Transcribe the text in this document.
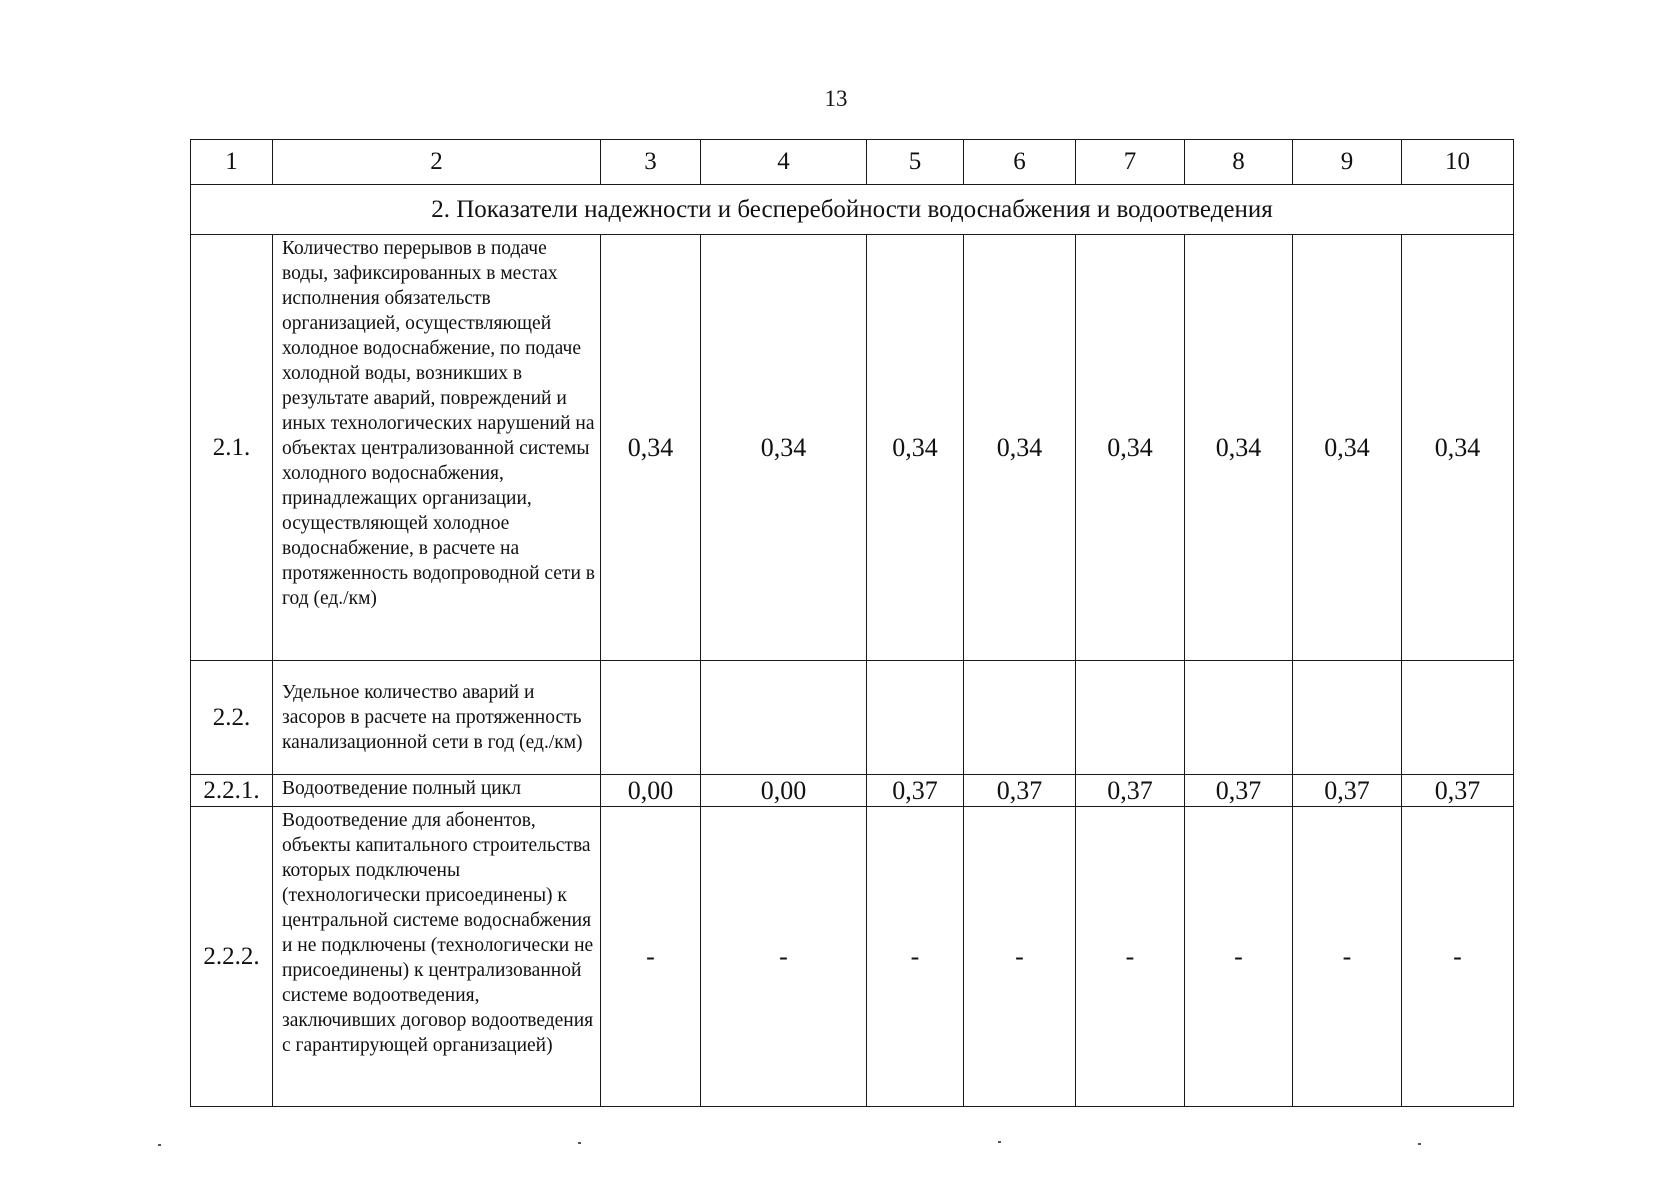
13
1	2	3	4	5	6	7	8	9	10
2. Показатели надежности и бесперебойности водоснабжения и водоотведения									
2.1.	Количество перерывов в подаче воды, зафиксированных в местах исполнения обязательств организацией, осуществляющей холодное водоснабжение, по подаче холодной воды, возникших в результате аварий, повреждений и иных технологических нарушений на объектах централизованной системы холодного водоснабжения, принадлежащих организации, осуществляющей холодное водоснабжение, в расчете на протяженность водопроводной сети в год (ед./км)	0,34	0,34	0,34	0,34	0,34	0,34	0,34	0,34
2.2.	Удельное количество аварий и засоров в расчете на протяженность канализационной сети в год (ед./км)								
2.2.1.	Водоотведение полный цикл	0,00	0,00	0,37	0,37	0,37	0,37	0,37	0,37
2.2.2.	Водоотведение для абонентов, объекты капитального строительства которых подключены (технологически присоединены) к центральной системе водоснабжения и не подключены (технологически не присоединены) к централизованной системе водоотведения, заключивших договор водоотведения с гарантирующей организацией)	-	-	-	-	-	-	-	-
